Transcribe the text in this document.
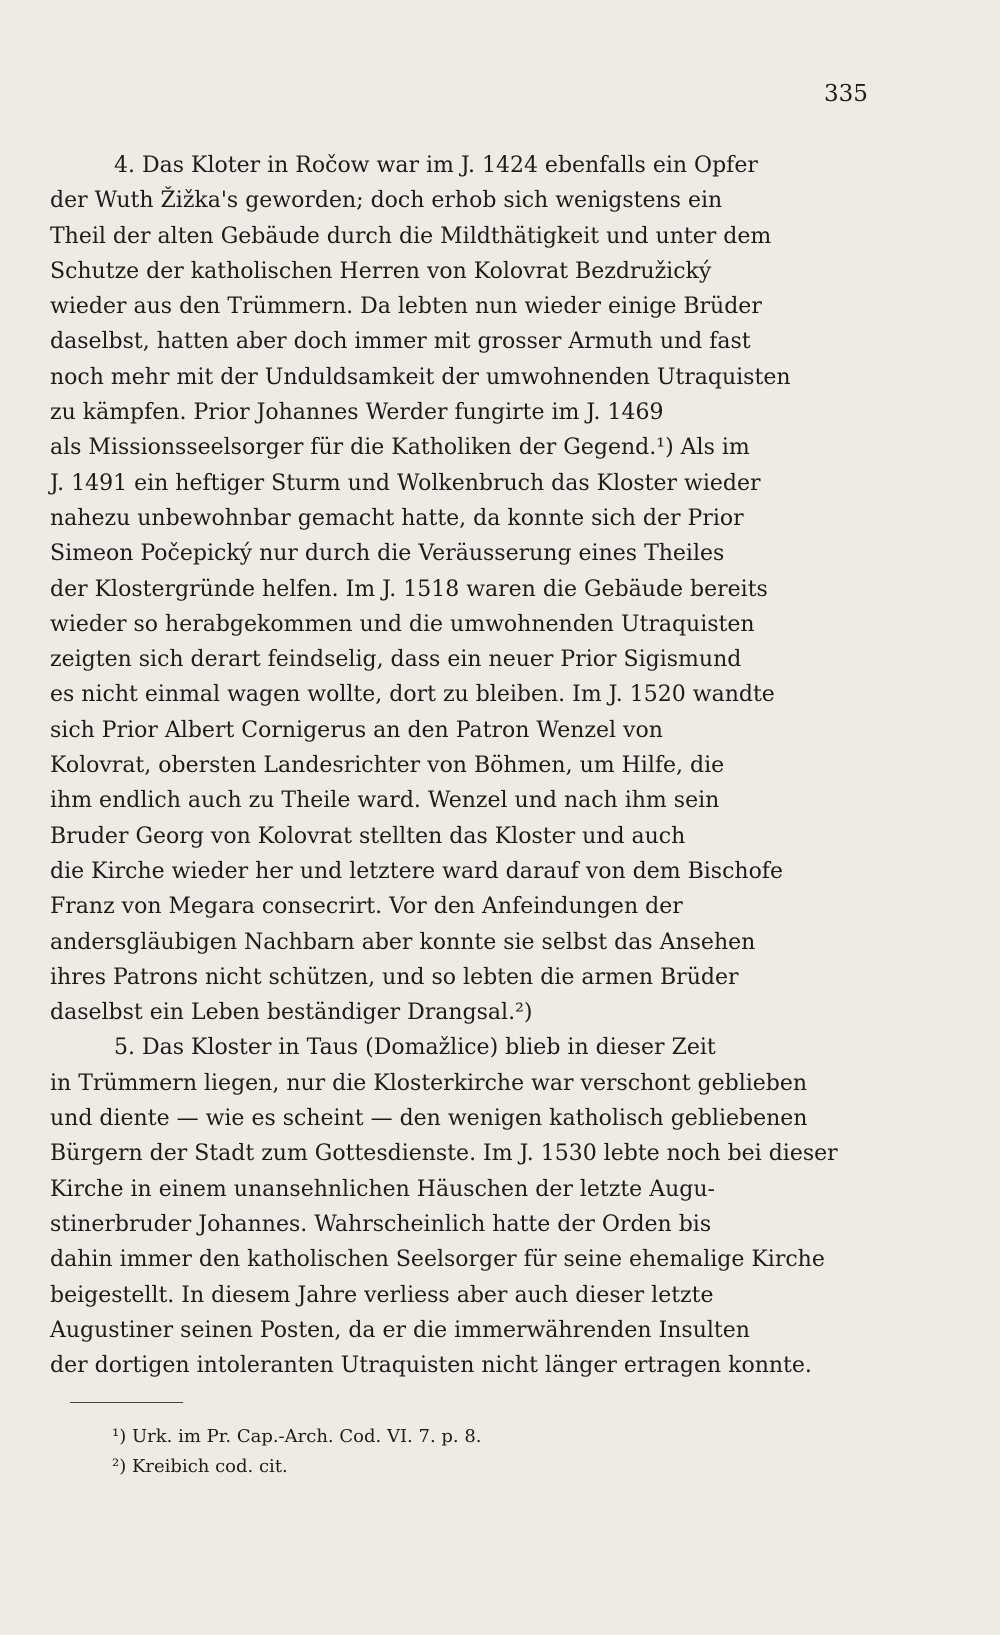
335
4. Das Kloter in Ročow war im J. 1424 ebenfalls ein Opfer
der Wuth Žižka's geworden; doch erhob sich wenigstens ein
Theil der alten Gebäude durch die Mildthätigkeit und unter dem
Schutze der katholischen Herren von Kolovrat Bezdružický
wieder aus den Trümmern. Da lebten nun wieder einige Brüder
daselbst, hatten aber doch immer mit grosser Armuth und fast
noch mehr mit der Unduldsamkeit der umwohnenden Utraquisten
zu kämpfen. Prior Johannes Werder fungirte im J. 1469
als Missionsseelsorger für die Katholiken der Gegend.¹) Als im
J. 1491 ein heftiger Sturm und Wolkenbruch das Kloster wieder
nahezu unbewohnbar gemacht hatte, da konnte sich der Prior
Simeon Počepický nur durch die Veräusserung eines Theiles
der Klostergründe helfen. Im J. 1518 waren die Gebäude bereits
wieder so herabgekommen und die umwohnenden Utraquisten
zeigten sich derart feindselig, dass ein neuer Prior Sigismund
es nicht einmal wagen wollte, dort zu bleiben. Im J. 1520 wandte
sich Prior Albert Cornigerus an den Patron Wenzel von
Kolovrat, obersten Landesrichter von Böhmen, um Hilfe, die
ihm endlich auch zu Theile ward. Wenzel und nach ihm sein
Bruder Georg von Kolovrat stellten das Kloster und auch
die Kirche wieder her und letztere ward darauf von dem Bischofe
Franz von Megara consecrirt. Vor den Anfeindungen der
andersgläubigen Nachbarn aber konnte sie selbst das Ansehen
ihres Patrons nicht schützen, und so lebten die armen Brüder
daselbst ein Leben beständiger Drangsal.²)
5. Das Kloster in Taus (Domažlice) blieb in dieser Zeit
in Trümmern liegen, nur die Klosterkirche war verschont geblieben
und diente — wie es scheint — den wenigen katholisch gebliebenen
Bürgern der Stadt zum Gottesdienste. Im J. 1530 lebte noch bei dieser
Kirche in einem unansehnlichen Häuschen der letzte Augu-
stinerbruder Johannes. Wahrscheinlich hatte der Orden bis
dahin immer den katholischen Seelsorger für seine ehemalige Kirche
beigestellt. In diesem Jahre verliess aber auch dieser letzte
Augustiner seinen Posten, da er die immerwährenden Insulten
der dortigen intoleranten Utraquisten nicht länger ertragen konnte.
¹) Urk. im Pr. Cap.-Arch. Cod. VI. 7. p. 8.
²) Kreibich cod. cit.
